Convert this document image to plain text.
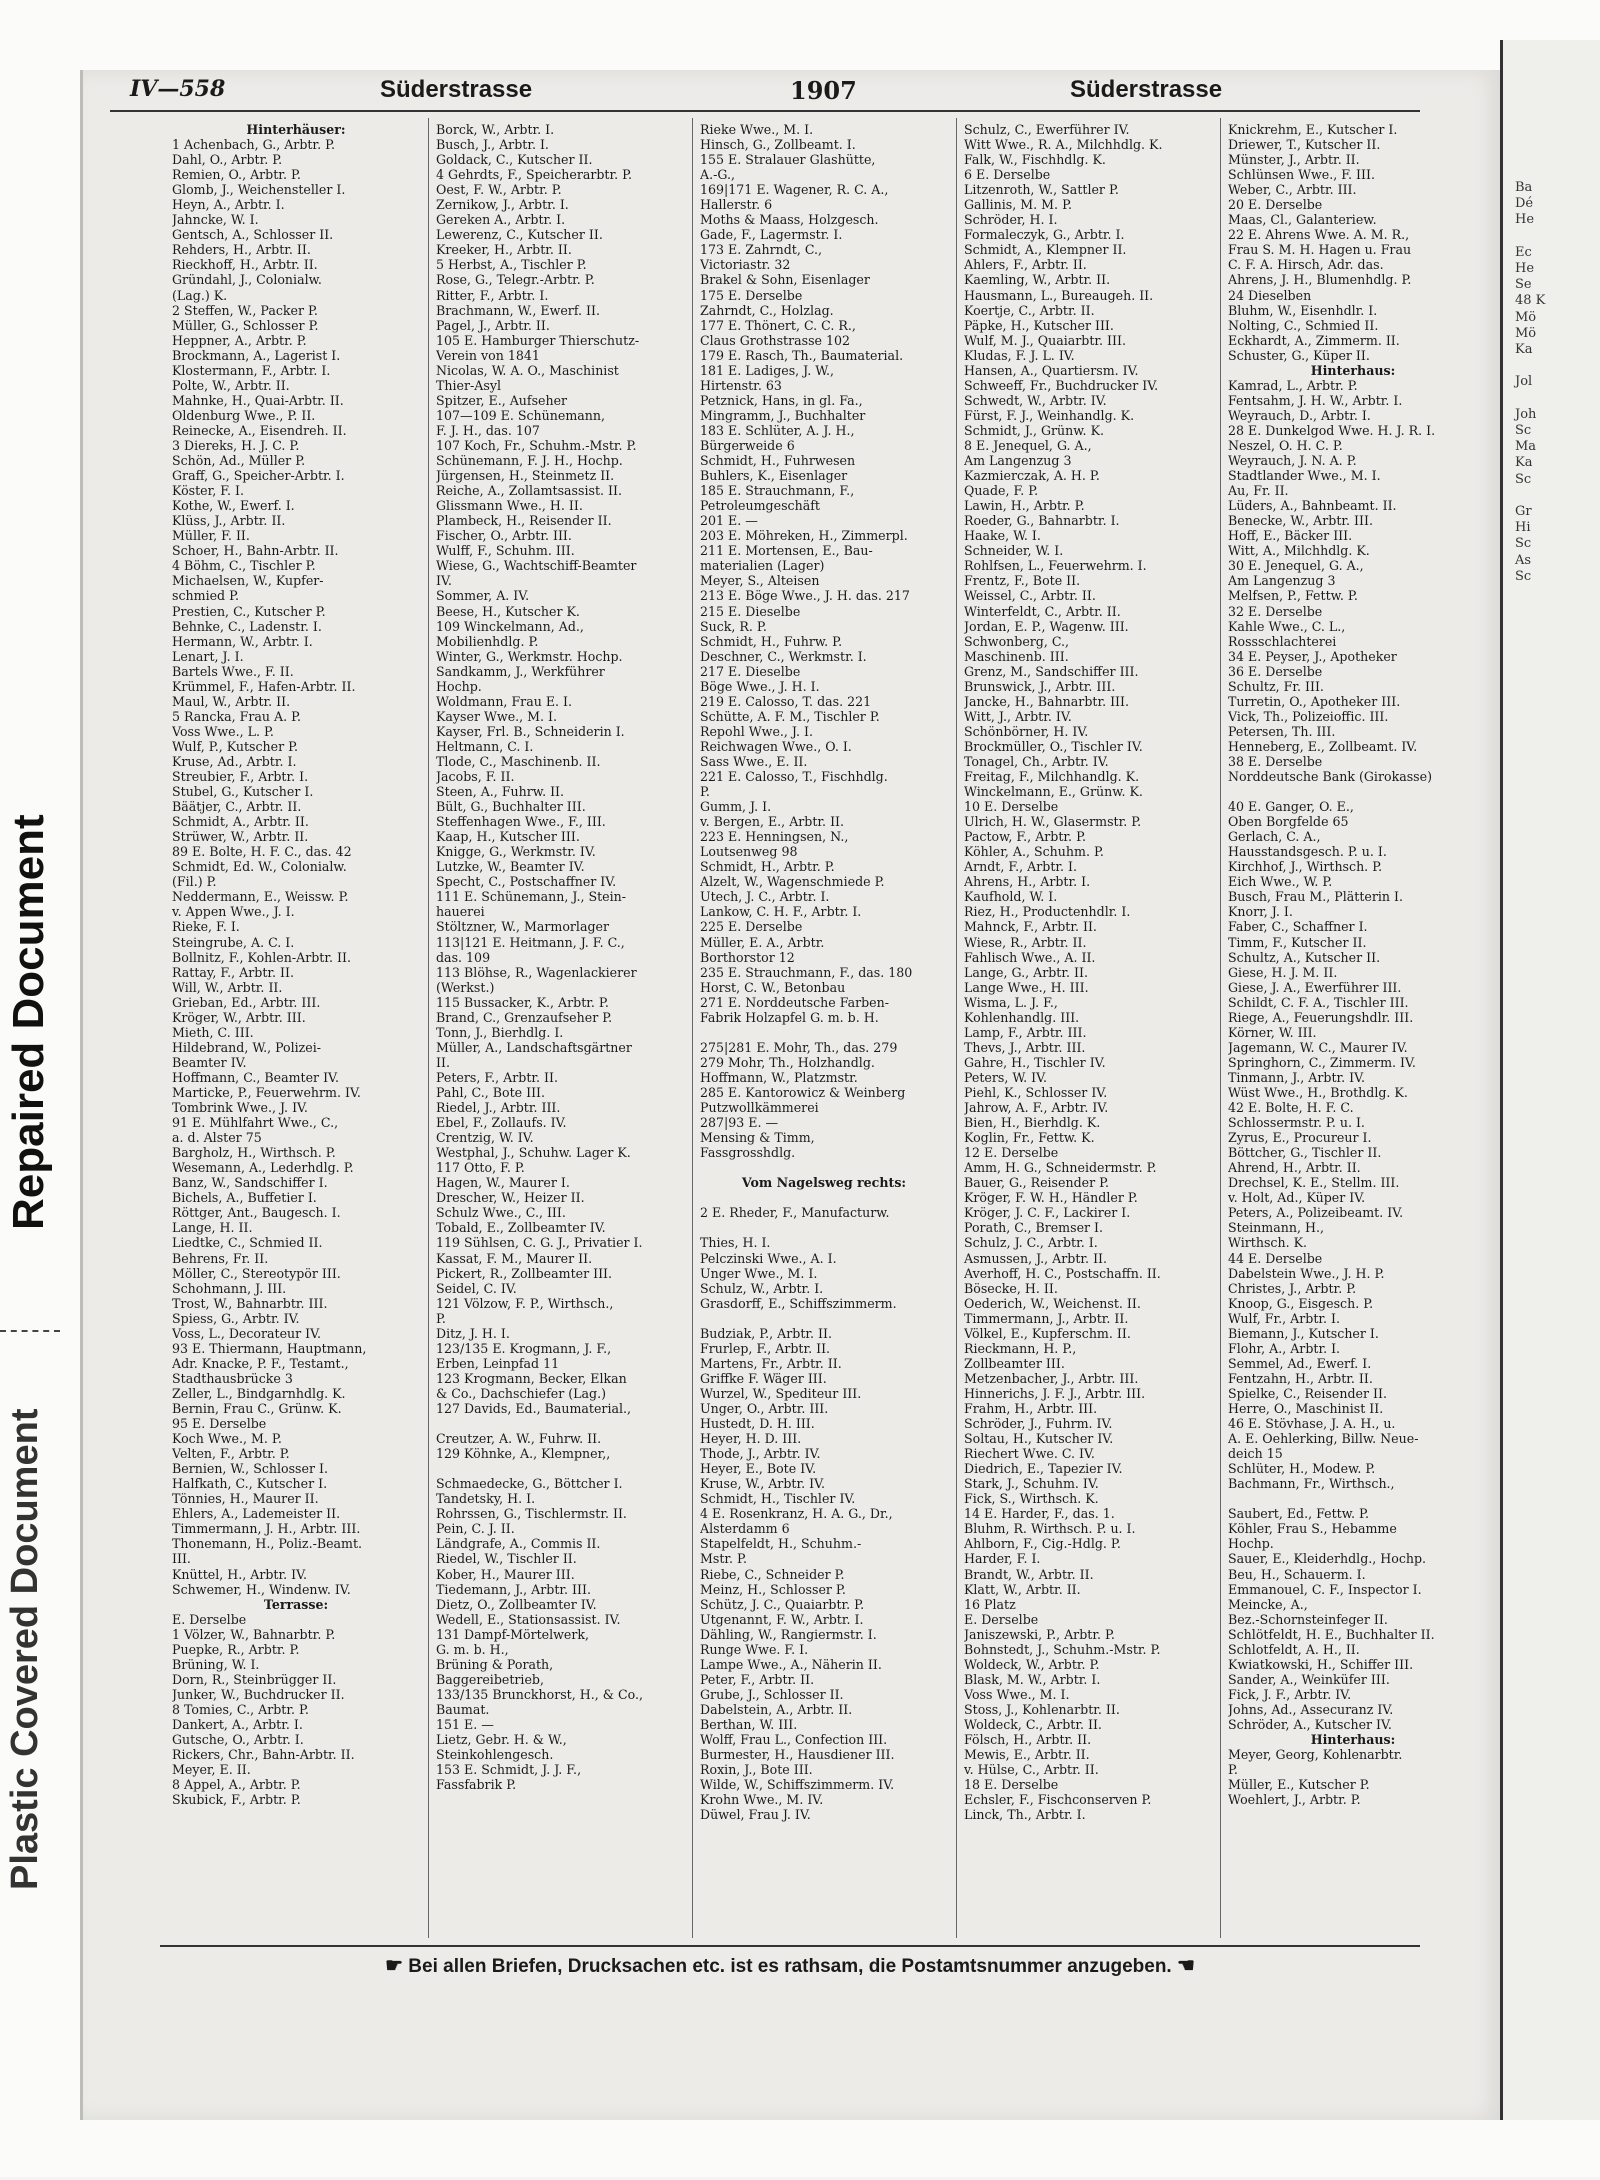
Repaired Document
Plastic Covered Document
Ba
Dé
He

Ec
He
Se
48 K
Mö
Mö
Ka

Jol

Joh
Sc
Ma
Ka
Sc

Gr
Hi
Sc
As
Sc
IV—558	Süderstrasse	1907	Süderstrasse
Hinterhäuser:
1 Achenbach, G., Arbtr. P.
Dahl, O., Arbtr. P.
Remien, O., Arbtr. P.
Glomb, J., Weichensteller I.
Heyn, A., Arbtr. I.
Jahncke, W. I.
Gentsch, A., Schlosser II.
Rehders, H., Arbtr. II.
Rieckhoff, H., Arbtr. II.
Gründahl, J., Colonialw.
(Lag.) K.
2 Steffen, W., Packer P.
Müller, G., Schlosser P.
Heppner, A., Arbtr. P.
Brockmann, A., Lagerist I.
Klostermann, F., Arbtr. I.
Polte, W., Arbtr. II.
Mahnke, H., Quai-Arbtr. II.
Oldenburg Wwe., P. II.
Reinecke, A., Eisendreh. II.
3 Diereks, H. J. C. P.
Schön, Ad., Müller P.
Graff, G., Speicher-Arbtr. I.
Köster, F. I.
Kothe, W., Ewerf. I.
Klüss, J., Arbtr. II.
Müller, F. II.
Schoer, H., Bahn-Arbtr. II.
4 Böhm, C., Tischler P.
Michaelsen, W., Kupfer-
schmied P.
Prestien, C., Kutscher P.
Behnke, C., Ladenstr. I.
Hermann, W., Arbtr. I.
Lenart, J. I.
Bartels Wwe., F. II.
Krümmel, F., Hafen-Arbtr. II.
Maul, W., Arbtr. II.
5 Rancka, Frau A. P.
Voss Wwe., L. P.
Wulf, P., Kutscher P.
Kruse, Ad., Arbtr. I.
Streubier, F., Arbtr. I.
Stubel, G., Kutscher I.
Bäätjer, C., Arbtr. II.
Schmidt, A., Arbtr. II.
Strüwer, W., Arbtr. II.
89 E. Bolte, H. F. C., das. 42
Schmidt, Ed. W., Colonialw.
(Fil.) P.
Neddermann, E., Weissw. P.
v. Appen Wwe., J. I.
Rieke, F. I.
Steingrube, A. C. I.
Bollnitz, F., Kohlen-Arbtr. II.
Rattay, F., Arbtr. II.
Will, W., Arbtr. II.
Grieban, Ed., Arbtr. III.
Kröger, W., Arbtr. III.
Mieth, C. III.
Hildebrand, W., Polizei-
Beamter IV.
Hoffmann, C., Beamter IV.
Marticke, P., Feuerwehrm. IV.
Tombrink Wwe., J. IV.
91 E. Mühlfahrt Wwe., C.,
a. d. Alster 75
Bargholz, H., Wirthsch. P.
Wesemann, A., Lederhdlg. P.
Banz, W., Sandschiffer I.
Bichels, A., Buffetier I.
Röttger, Ant., Baugesch. I.
Lange, H. II.
Liedtke, C., Schmied II.
Behrens, Fr. II.
Möller, C., Stereotypör III.
Schohmann, J. III.
Trost, W., Bahnarbtr. III.
Spiess, G., Arbtr. IV.
Voss, L., Decorateur IV.
93 E. Thiermann, Hauptmann,
Adr. Knacke, P. F., Testamt.,
Stadthausbrücke 3
Zeller, L., Bindgarnhdlg. K.
Bernin, Frau C., Grünw. K.
95 E. Derselbe
Koch Wwe., M. P.
Velten, F., Arbtr. P.
Bernien, W., Schlosser I.
Halfkath, C., Kutscher I.
Tönnies, H., Maurer II.
Ehlers, A., Lademeister II.
Timmermann, J. H., Arbtr. III.
Thonemann, H., Poliz.-Beamt.
III.
Knüttel, H., Arbtr. IV.
Schwemer, H., Windenw. IV.
Terrasse:
E. Derselbe
1 Völzer, W., Bahnarbtr. P.
Puepke, R., Arbtr. P.
Brüning, W. I.
Dorn, R., Steinbrügger II.
Junker, W., Buchdrucker II.
8 Tomies, C., Arbtr. P.
Dankert, A., Arbtr. I.
Gutsche, O., Arbtr. I.
Rickers, Chr., Bahn-Arbtr. II.
Meyer, E. II.
8 Appel, A., Arbtr. P.
Skubick, F., Arbtr. P.
Borck, W., Arbtr. I.
Busch, J., Arbtr. I.
Goldack, C., Kutscher II.
4 Gehrdts, F., Speicherarbtr. P.
Oest, F. W., Arbtr. P.
Zernikow, J., Arbtr. I.
Gereken A., Arbtr. I.
Lewerenz, C., Kutscher II.
Kreeker, H., Arbtr. II.
5 Herbst, A., Tischler P.
Rose, G., Telegr.-Arbtr. P.
Ritter, F., Arbtr. I.
Brachmann, W., Ewerf. II.
Pagel, J., Arbtr. II.
105 E. Hamburger Thierschutz-
Verein von 1841
Nicolas, W. A. O., Maschinist
Thier-Asyl
Spitzer, E., Aufseher
107—109 E. Schünemann,
F. J. H., das. 107
107 Koch, Fr., Schuhm.-Mstr. P.
Schünemann, F. J. H., Hochp.
Jürgensen, H., Steinmetz II.
Reiche, A., Zollamtsassist. II.
Glissmann Wwe., H. II.
Plambeck, H., Reisender II.
Fischer, O., Arbtr. III.
Wulff, F., Schuhm. III.
Wiese, G., Wachtschiff-Beamter
IV.
Sommer, A. IV.
Beese, H., Kutscher K.
109 Winckelmann, Ad.,
Mobilienhdlg. P.
Winter, G., Werkmstr. Hochp.
Sandkamm, J., Werkführer
Hochp.
Woldmann, Frau E. I.
Kayser Wwe., M. I.
Kayser, Frl. B., Schneiderin I.
Heltmann, C. I.
Tlode, C., Maschinenb. II.
Jacobs, F. II.
Steen, A., Fuhrw. II.
Bült, G., Buchhalter III.
Steffenhagen Wwe., F., III.
Kaap, H., Kutscher III.
Knigge, G., Werkmstr. IV.
Lutzke, W., Beamter IV.
Specht, C., Postschaffner IV.
111 E. Schünemann, J., Stein-
hauerei
Stöltzner, W., Marmorlager
113|121 E. Heitmann, J. F. C.,
das. 109
113 Blöhse, R., Wagenlackierer
(Werkst.)
115 Bussacker, K., Arbtr. P.
Brand, C., Grenzaufseher P.
Tonn, J., Bierhdlg. I.
Müller, A., Landschaftsgärtner
II.
Peters, F., Arbtr. II.
Pahl, C., Bote III.
Riedel, J., Arbtr. III.
Ebel, F., Zollaufs. IV.
Crentzig, W. IV.
Westphal, J., Schuhw. Lager K.
117 Otto, F. P.
Hagen, W., Maurer I.
Drescher, W., Heizer II.
Schulz Wwe., C., III.
Tobald, E., Zollbeamter IV.
119 Sühlsen, C. G. J., Privatier I.
Kassat, F. M., Maurer II.
Pickert, R., Zollbeamter III.
Seidel, C. IV.
121 Völzow, F. P., Wirthsch.,
P.
Ditz, J. H. I.
123/135 E. Krogmann, J. F.,
Erben, Leinpfad 11
123 Krogmann, Becker, Elkan
& Co., Dachschiefer (Lag.)
127 Davids, Ed., Baumaterial.,
Creutzer, A. W., Fuhrw. II.
129 Köhnke, A., Klempner,,
Schmaedecke, G., Böttcher I.
Tandetsky, H. I.
Rohrssen, G., Tischlermstr. II.
Pein, C. J. II.
Ländgrafe, A., Commis II.
Riedel, W., Tischler II.
Kober, H., Maurer III.
Tiedemann, J., Arbtr. III.
Dietz, O., Zollbeamter IV.
Wedell, E., Stationsassist. IV.
131 Dampf-Mörtelwerk,
G. m. b. H.,
Brüning & Porath,
Baggereibetrieb,
133/135 Brunckhorst, H., & Co.,
Baumat.
151 E. —
Lietz, Gebr. H. & W.,
Steinkohlengesch.
153 E. Schmidt, J. J. F.,
Fassfabrik P.
Rieke Wwe., M. I.
Hinsch, G., Zollbeamt. I.
155 E. Stralauer Glashütte,
A.-G.,
169|171 E. Wagener, R. C. A.,
Hallerstr. 6
Moths & Maass, Holzgesch.
Gade, F., Lagermstr. I.
173 E. Zahrndt, C.,
Victoriastr. 32
Brakel & Sohn, Eisenlager
175 E. Derselbe
Zahrndt, C., Holzlag.
177 E. Thönert, C. C. R.,
Claus Grothstrasse 102
179 E. Rasch, Th., Baumaterial.
181 E. Ladiges, J. W.,
Hirtenstr. 63
Petznick, Hans, in gl. Fa.,
Mingramm, J., Buchhalter
183 E. Schlüter, A. J. H.,
Bürgerweide 6
Schmidt, H., Fuhrwesen
Buhlers, K., Eisenlager
185 E. Strauchmann, F.,
Petroleumgeschäft
201 E. —
203 E. Möhreken, H., Zimmerpl.
211 E. Mortensen, E., Bau-
materialien (Lager)
Meyer, S., Alteisen
213 E. Böge Wwe., J. H. das. 217
215 E. Dieselbe
Suck, R. P.
Schmidt, H., Fuhrw. P.
Deschner, C., Werkmstr. I.
217 E. Dieselbe
Böge Wwe., J. H. I.
219 E. Calosso, T. das. 221
Schütte, A. F. M., Tischler P.
Repohl Wwe., J. I.
Reichwagen Wwe., O. I.
Sass Wwe., E. II.
221 E. Calosso, T., Fischhdlg.
P.
Gumm, J. I.
v. Bergen, E., Arbtr. II.
223 E. Henningsen, N.,
Loutsenweg 98
Schmidt, H., Arbtr. P.
Alzelt, W., Wagenschmiede P.
Utech, J. C., Arbtr. I.
Lankow, C. H. F., Arbtr. I.
225 E. Derselbe
Müller, E. A., Arbtr.
Borthorstor 12
235 E. Strauchmann, F., das. 180
Horst, C. W., Betonbau
271 E. Norddeutsche Farben-
Fabrik Holzapfel G. m. b. H.
275|281 E. Mohr, Th., das. 279
279 Mohr, Th., Holzhandlg.
Hoffmann, W., Platzmstr.
285 E. Kantorowicz & Weinberg
Putzwollkämmerei
287|93 E. —
Mensing & Timm,
Fassgrosshdlg.
Vom Nagelsweg rechts:
2 E. Rheder, F., Manufacturw.
Thies, H. I.
Pelczinski Wwe., A. I.
Unger Wwe., M. I.
Schulz, W., Arbtr. I.
Grasdorff, E., Schiffszimmerm.
Budziak, P., Arbtr. II.
Frurlep, F., Arbtr. II.
Martens, Fr., Arbtr. II.
Griffke F. Wäger III.
Wurzel, W., Spediteur III.
Unger, O., Arbtr. III.
Hustedt, D. H. III.
Heyer, H. D. III.
Thode, J., Arbtr. IV.
Heyer, E., Bote IV.
Kruse, W., Arbtr. IV.
Schmidt, H., Tischler IV.
4 E. Rosenkranz, H. A. G., Dr.,
Alsterdamm 6
Stapelfeldt, H., Schuhm.-
Mstr. P.
Riebe, C., Schneider P.
Meinz, H., Schlosser P.
Schütz, J. C., Quaiarbtr. P.
Utgenannt, F. W., Arbtr. I.
Dähling, W., Rangiermstr. I.
Runge Wwe. F. I.
Lampe Wwe., A., Näherin II.
Peter, F., Arbtr. II.
Grube, J., Schlosser II.
Dabelstein, A., Arbtr. II.
Berthan, W. III.
Wolff, Frau L., Confection III.
Burmester, H., Hausdiener III.
Roxin, J., Bote III.
Wilde, W., Schiffszimmerm. IV.
Krohn Wwe., M. IV.
Düwel, Frau J. IV.
Schulz, C., Ewerführer IV.
Witt Wwe., R. A., Milchhdlg. K.
Falk, W., Fischhdlg. K.
6 E. Derselbe
Litzenroth, W., Sattler P.
Gallinis, M. M. P.
Schröder, H. I.
Formaleczyk, G., Arbtr. I.
Schmidt, A., Klempner II.
Ahlers, F., Arbtr. II.
Kaemling, W., Arbtr. II.
Hausmann, L., Bureaugeh. II.
Koertje, C., Arbtr. II.
Päpke, H., Kutscher III.
Wulf, M. J., Quaiarbtr. III.
Kludas, F. J. L. IV.
Hansen, A., Quartiersm. IV.
Schweeff, Fr., Buchdrucker IV.
Schwedt, W., Arbtr. IV.
Fürst, F. J., Weinhandlg. K.
Schmidt, J., Grünw. K.
8 E. Jenequel, G. A.,
Am Langenzug 3
Kazmierczak, A. H. P.
Quade, F. P.
Lawin, H., Arbtr. P.
Roeder, G., Bahnarbtr. I.
Haake, W. I.
Schneider, W. I.
Rohlfsen, L., Feuerwehrm. I.
Frentz, F., Bote II.
Weissel, C., Arbtr. II.
Winterfeldt, C., Arbtr. II.
Jordan, E. P., Wagenw. III.
Schwonberg, C.,
Maschinenb. III.
Grenz, M., Sandschiffer III.
Brunswick, J., Arbtr. III.
Jancke, H., Bahnarbtr. III.
Witt, J., Arbtr. IV.
Schönbörner, H. IV.
Brockmüller, O., Tischler IV.
Tonagel, Ch., Arbtr. IV.
Freitag, F., Milchhandlg. K.
Winckelmann, E., Grünw. K.
10 E. Derselbe
Ulrich, H. W., Glasermstr. P.
Pactow, F., Arbtr. P.
Köhler, A., Schuhm. P.
Arndt, F., Arbtr. I.
Ahrens, H., Arbtr. I.
Kaufhold, W. I.
Riez, H., Productenhdlr. I.
Mahnck, F., Arbtr. II.
Wiese, R., Arbtr. II.
Fahlisch Wwe., A. II.
Lange, G., Arbtr. II.
Lange Wwe., H. III.
Wisma, L. J. F.,
Kohlenhandlg. III.
Lamp, F., Arbtr. III.
Thevs, J., Arbtr. III.
Gahre, H., Tischler IV.
Peters, W. IV.
Piehl, K., Schlosser IV.
Jahrow, A. F., Arbtr. IV.
Bien, H., Bierhdlg. K.
Koglin, Fr., Fettw. K.
12 E. Derselbe
Amm, H. G., Schneidermstr. P.
Bauer, G., Reisender P.
Kröger, F. W. H., Händler P.
Kröger, J. C. F., Lackirer I.
Porath, C., Bremser I.
Schulz, J. C., Arbtr. I.
Asmussen, J., Arbtr. II.
Averhoff, H. C., Postschaffn. II.
Bösecke, H. II.
Oederich, W., Weichenst. II.
Timmermann, J., Arbtr. II.
Völkel, E., Kupferschm. II.
Rieckmann, H. P.,
Zollbeamter III.
Metzenbacher, J., Arbtr. III.
Hinnerichs, J. F. J., Arbtr. III.
Frahm, H., Arbtr. III.
Schröder, J., Fuhrm. IV.
Soltau, H., Kutscher IV.
Riechert Wwe. C. IV.
Diedrich, E., Tapezier IV.
Stark, J., Schuhm. IV.
Fick, S., Wirthsch. K.
14 E. Harder, F., das. 1.
Bluhm, R. Wirthsch. P. u. I.
Ahlborn, F., Cig.-Hdlg. P.
Harder, F. I.
Brandt, W., Arbtr. II.
Klatt, W., Arbtr. II.
16 Platz
E. Derselbe
Janiszewski, P., Arbtr. P.
Bohnstedt, J., Schuhm.-Mstr. P.
Woldeck, W., Arbtr. P.
Blask, M. W., Arbtr. I.
Voss Wwe., M. I.
Stoss, J., Kohlenarbtr. II.
Woldeck, C., Arbtr. II.
Fölsch, H., Arbtr. II.
Mewis, E., Arbtr. II.
v. Hülse, C., Arbtr. II.
18 E. Derselbe
Echsler, F., Fischconserven P.
Linck, Th., Arbtr. I.
Knickrehm, E., Kutscher I.
Driewer, T., Kutscher II.
Münster, J., Arbtr. II.
Schlünsen Wwe., F. III.
Weber, C., Arbtr. III.
20 E. Derselbe
Maas, Cl., Galanteriew.
22 E. Ahrens Wwe. A. M. R.,
Frau S. M. H. Hagen u. Frau
C. F. A. Hirsch, Adr. das.
Ahrens, J. H., Blumenhdlg. P.
24 Dieselben
Bluhm, W., Eisenhdlr. I.
Nolting, C., Schmied II.
Eckhardt, A., Zimmerm. II.
Schuster, G., Küper II.
Hinterhaus:
Kamrad, L., Arbtr. P.
Fentsahm, J. H. W., Arbtr. I.
Weyrauch, D., Arbtr. I.
28 E. Dunkelgod Wwe. H. J. R. I.
Neszel, O. H. C. P.
Weyrauch, J. N. A. P.
Stadtlander Wwe., M. I.
Au, Fr. II.
Lüders, A., Bahnbeamt. II.
Benecke, W., Arbtr. III.
Hoff, E., Bäcker III.
Witt, A., Milchhdlg. K.
30 E. Jenequel, G. A.,
Am Langenzug 3
Melfsen, P., Fettw. P.
32 E. Derselbe
Kahle Wwe., C. L.,
Rossschlachterei
34 E. Peyser, J., Apotheker
36 E. Derselbe
Schultz, Fr. III.
Turretin, O., Apotheker III.
Vick, Th., Polizeioffic. III.
Petersen, Th. III.
Henneberg, E., Zollbeamt. IV.
38 E. Derselbe
Norddeutsche Bank (Girokasse)
40 E. Ganger, O. E.,
Oben Borgfelde 65
Gerlach, C. A.,
Hausstandsgesch. P. u. I.
Kirchhof, J., Wirthsch. P.
Eich Wwe., W. P.
Busch, Frau M., Plätterin I.
Knorr, J. I.
Faber, C., Schaffner I.
Timm, F., Kutscher II.
Schultz, A., Kutscher II.
Giese, H. J. M. II.
Giese, J. A., Ewerführer III.
Schildt, C. F. A., Tischler III.
Riege, A., Feuerungshdlr. III.
Körner, W. III.
Jagemann, W. C., Maurer IV.
Springhorn, C., Zimmerm. IV.
Tinmann, J., Arbtr. IV.
Wüst Wwe., H., Brothdlg. K.
42 E. Bolte, H. F. C.
Schlossermstr. P. u. I.
Zyrus, E., Procureur I.
Böttcher, G., Tischler II.
Ahrend, H., Arbtr. II.
Drechsel, K. E., Stellm. III.
v. Holt, Ad., Küper IV.
Peters, A., Polizeibeamt. IV.
Steinmann, H.,
Wirthsch. K.
44 E. Derselbe
Dabelstein Wwe., J. H. P.
Christes, J., Arbtr. P.
Knoop, G., Eisgesch. P.
Wulf, Fr., Arbtr. I.
Biemann, J., Kutscher I.
Flohr, A., Arbtr. I.
Semmel, Ad., Ewerf. I.
Fentzahn, H., Arbtr. II.
Spielke, C., Reisender II.
Herre, O., Maschinist II.
46 E. Stövhase, J. A. H., u.
A. E. Oehlerking, Billw. Neue-
deich 15
Schlüter, H., Modew. P.
Bachmann, Fr., Wirthsch.,
Saubert, Ed., Fettw. P.
Köhler, Frau S., Hebamme
Hochp.
Sauer, E., Kleiderhdlg., Hochp.
Beu, H., Schauerm. I.
Emmanouel, C. F., Inspector I.
Meincke, A.,
Bez.-Schornsteinfeger II.
Schlötfeldt, H. E., Buchhalter II.
Schlotfeldt, A. H., II.
Kwiatkowski, H., Schiffer III.
Sander, A., Weinküfer III.
Fick, J. F., Arbtr. IV.
Johns, Ad., Assecuranz IV.
Schröder, A., Kutscher IV.
Hinterhaus:
Meyer, Georg, Kohlenarbtr.
P.
Müller, E., Kutscher P.
Woehlert, J., Arbtr. P.
☛ Bei allen Briefen, Drucksachen etc. ist es rathsam, die Postamtsnummer anzugeben. ☚
